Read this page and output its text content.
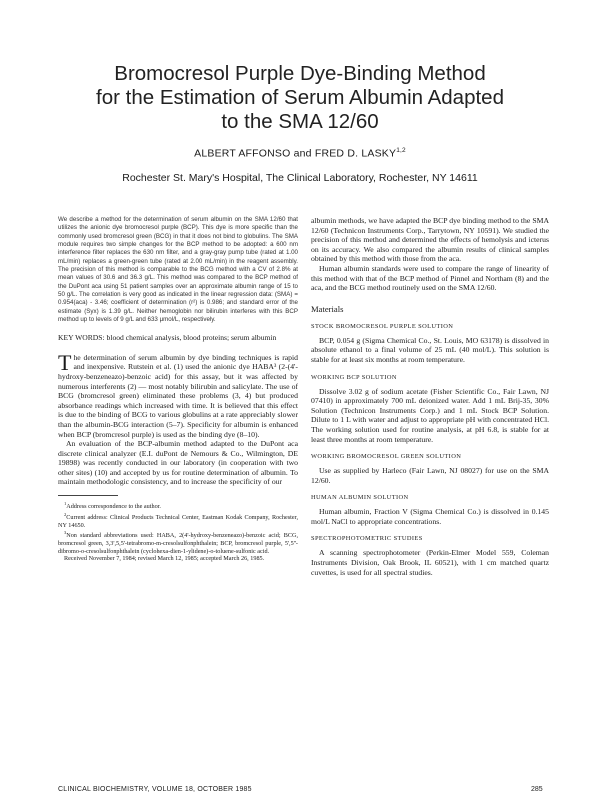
Bromocresol Purple Dye-Binding Method
for the Estimation of Serum Albumin Adapted
to the SMA 12/60
ALBERT AFFONSO and FRED D. LASKY$^{1,2}$
Rochester St. Mary's Hospital, The Clinical Laboratory, Rochester, NY 14611

We describe a method for the determination of serum albumin on the SMA 12/60 that utilizes the anionic dye bromocresol purple (BCP). This dye is more specific than the commonly used bromcresol green (BCG) in that it does not bind to globulins. The SMA module requires two simple changes for the BCP method to be adopted: a 600 nm interference filter replaces the 630 nm filter, and a gray-gray pump tube (rated at 1.00 mL/min) replaces a green-green tube (rated at 2.00 mL/min) in the reagent assembly. The precision of this method is comparable to the BCG method with a CV of 2.8% at mean values of 30.6 and 36.3 g/L. This method was compared to the BCP method of the DuPont aca using 51 patient samples over an approximate albumin range of 15 to 50 g/L. The correlation is very good as indicated in the linear regression data: (SMA) = 0.954(aca) - 3.46; coefficient of determination (r²) is 0.986; and standard error of the estimate (Syx) is 1.39 g/L. Neither hemoglobin nor bilirubin interferes with this BCP method up to levels of 9 g/L and 633 μmol/L, respectively.

KEY WORDS: blood chemical analysis, blood proteins; serum albumin

The determination of serum albumin by dye binding techniques is rapid and inexpensive. Rutstein et al. (1) used the anionic dye HABA³ (2-(4'-hydroxy-benzeneazo)-benzoic acid) for this assay, but it was affected by numerous interferents (2) — most notably bilirubin and salicylate. The use of BCG (bromcresol green) eliminated these problems (3, 4) but produced absorbance readings which increased with time. It is believed that this effect is due to the binding of BCG to various globulins at a rate appreciably slower than the albumin-BCG interaction (5–7). Specificity for albumin is enhanced when BCP (bromcresol purple) is used as the binding dye (8–10).

An evaluation of the BCP-albumin method adapted to the DuPont aca discrete clinical analyzer (E.I. duPont de Nemours & Co., Wilmington, DE 19898) was recently conducted in our laboratory (in cooperation with two other sites) (10) and accepted by us for routine determination of albumin. To maintain methodologic consistency, and to increase the specificity of our

$^1$Address correspondence to the author.

$^2$Current address: Clinical Products Technical Center, Eastman Kodak Company, Rochester, NY 14650.

$^3$Non standard abbreviations used: HABA, 2(4'-hydroxy-benzeneazo)-benzoic acid; BCG, bromcresol green, 3,3',5,5'-tetrabromo-m-cresolsulfonphthalein; BCP, bromcresol purple, 5',5''-dibromo-o-cresolsulfonphthalein (cyclohexa-dien-1-ylidene)-o-toluene-sulfonic acid.

Received November 7, 1984; revised March 12, 1985; accepted March 26, 1985.

albumin methods, we have adapted the BCP dye binding method to the SMA 12/60 (Technicon Instruments Corp., Tarrytown, NY 10591). We studied the precision of this method and determined the effects of hemolysis and icterus on its accuracy. We also compared the albumin results of clinical samples obtained by this method with those from the aca.

Human albumin standards were used to compare the range of linearity of this method with that of the BCP method of Pinnel and Northam (8) and the aca, and the BCG method routinely used on the SMA 12/60.

Materials
STOCK BROMOCRESOL PURPLE SOLUTION

BCP, 0.054 g (Sigma Chemical Co., St. Louis, MO 63178) is dissolved in absolute ethanol to a final volume of 25 mL (40 mol/L). This solution is stable for at least six months at room temperature.

WORKING BCP SOLUTION

Dissolve 3.02 g of sodium acetate (Fisher Scientific Co., Fair Lawn, NJ 07410) in approximately 700 mL deionized water. Add 1 mL Brij-35, 30% Solution (Technicon Instruments Corp.) and 1 mL Stock BCP Solution. Dilute to 1 L with water and adjust to appropriate pH with concentrated HCl. The working solution used for routine analysis, at pH 6.8, is stable for at least three months at room temperature.

WORKING BROMOCRESOL GREEN SOLUTION

Use as supplied by Harleco (Fair Lawn, NJ 08027) for use on the SMA 12/60.

HUMAN ALBUMIN SOLUTION

Human albumin, Fraction V (Sigma Chemical Co.) is dissolved in 0.145 mol/L NaCl to appropriate concentrations.

SPECTROPHOTOMETRIC STUDIES

A scanning spectrophotometer (Perkin-Elmer Model 559, Coleman Instruments Division, Oak Brook, IL 60521), with 1 cm matched quartz cuvettes, is used for all spectral studies.

CLINICAL BIOCHEMISTRY, VOLUME 18, OCTOBER 1985	285
